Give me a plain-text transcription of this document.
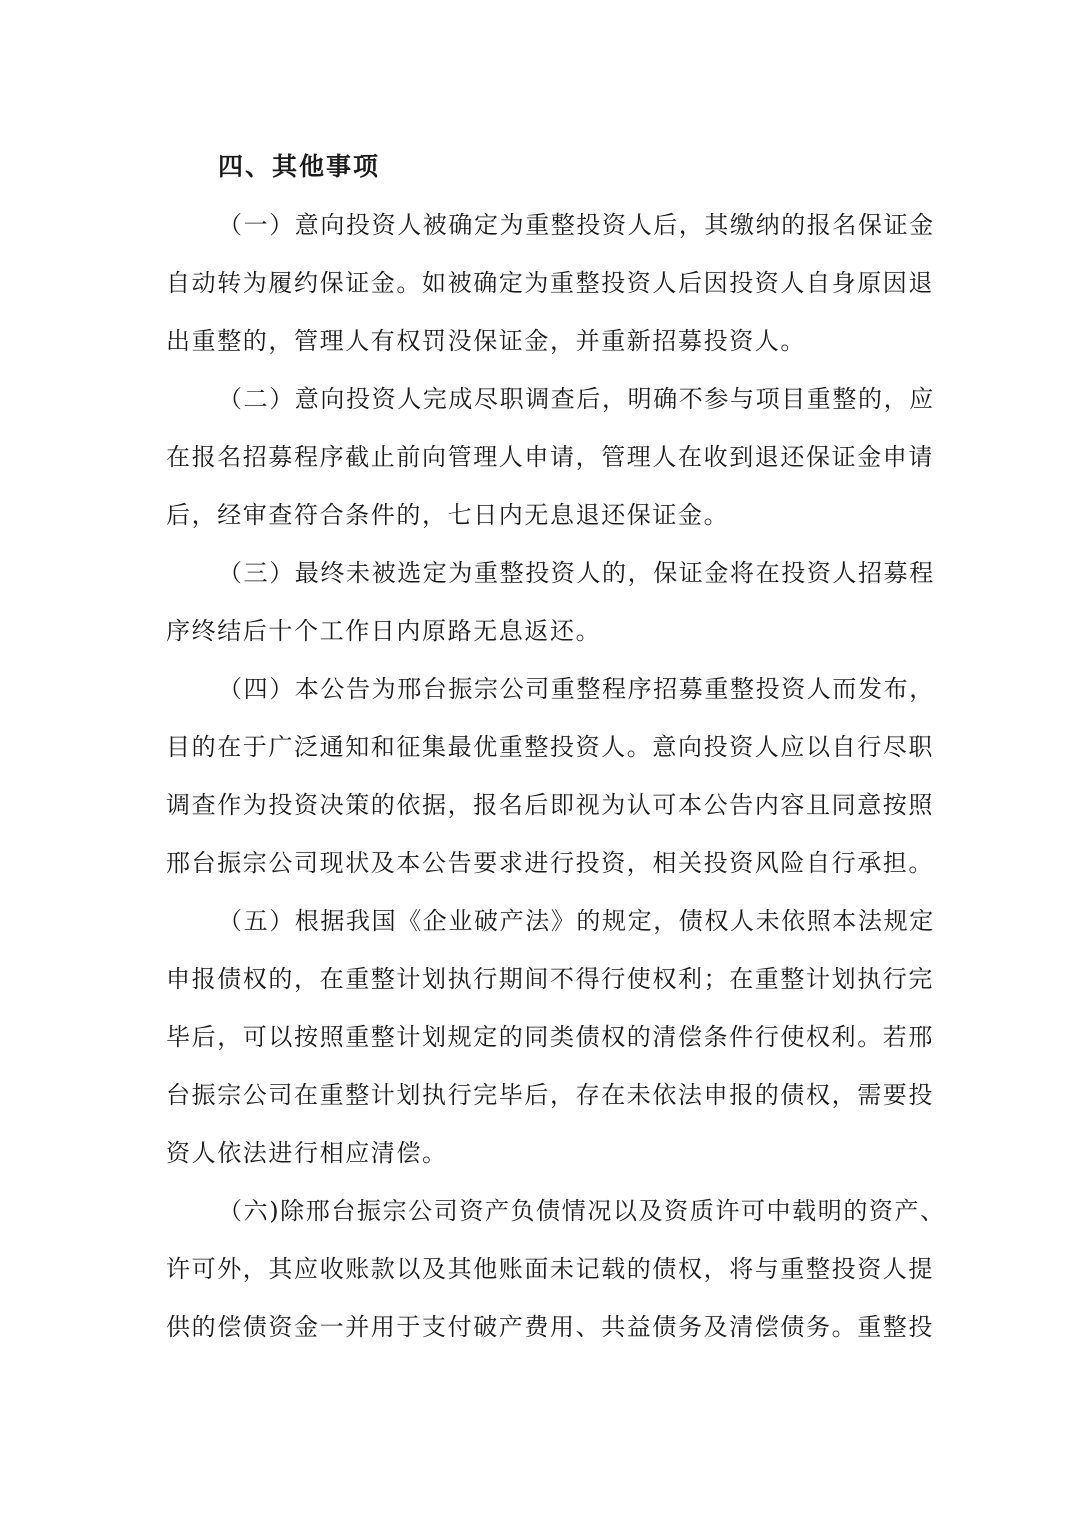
四、其他事项

（一）意向投资人被确定为重整投资人后，其缴纳的报名保证金
自动转为履约保证金。如被确定为重整投资人后因投资人自身原因退
出重整的，管理人有权罚没保证金，并重新招募投资人。

（二）意向投资人完成尽职调查后，明确不参与项目重整的，应
在报名招募程序截止前向管理人申请，管理人在收到退还保证金申请
后，经审查符合条件的，七日内无息退还保证金。

（三）最终未被选定为重整投资人的，保证金将在投资人招募程
序终结后十个工作日内原路无息返还。

（四）本公告为邢台振宗公司重整程序招募重整投资人而发布，
目的在于广泛通知和征集最优重整投资人。意向投资人应以自行尽职
调查作为投资决策的依据，报名后即视为认可本公告内容且同意按照
邢台振宗公司现状及本公告要求进行投资，相关投资风险自行承担。

（五）根据我国《企业破产法》的规定，债权人未依照本法规定
申报债权的，在重整计划执行期间不得行使权利；在重整计划执行完
毕后，可以按照重整计划规定的同类债权的清偿条件行使权利。若邢
台振宗公司在重整计划执行完毕后，存在未依法申报的债权，需要投
资人依法进行相应清偿。

（六)除邢台振宗公司资产负债情况以及资质许可中载明的资产、
许可外，其应收账款以及其他账面未记载的债权，将与重整投资人提
供的偿债资金一并用于支付破产费用、共益债务及清偿债务。重整投
